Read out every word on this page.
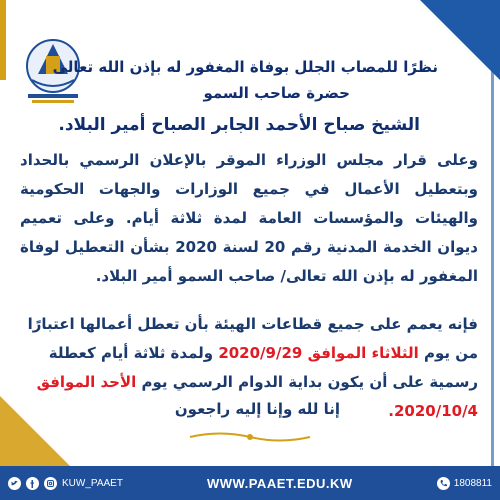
نظرًا للمصاب الجلل بوفاة المغفور له بإذن الله تعالى
حضرة صاحب السمو
الشيخ صباح الأحمد الجابر الصباح أمير البلاد.
وعلى قرار مجلس الوزراء الموقر بالإعلان الرسمي بالحداد وبتعطيل الأعمال في جميع الوزارات والجهات الحكومية والهيئات والمؤسسات العامة لمدة ثلاثة أيام. وعلى تعميم ديوان الخدمة المدنية رقم 20 لسنة 2020 بشأن التعطيل لوفاة المغفور له بإذن الله تعالى/ صاحب السمو أمير البلاد.
فإنه يعمم على جميع قطاعات الهيئة بأن تعطل أعمالها اعتبارًا من يوم الثلاثاء الموافق 2020/9/29 ولمدة ثلاثة أيام كعطلة رسمية على أن يكون بداية الدوام الرسمي يوم الأحد الموافق 2020/10/4.
إنا لله وإنا إليه راجعون
KUW_PAAET	WWW.PAAET.EDU.KW	1808811
